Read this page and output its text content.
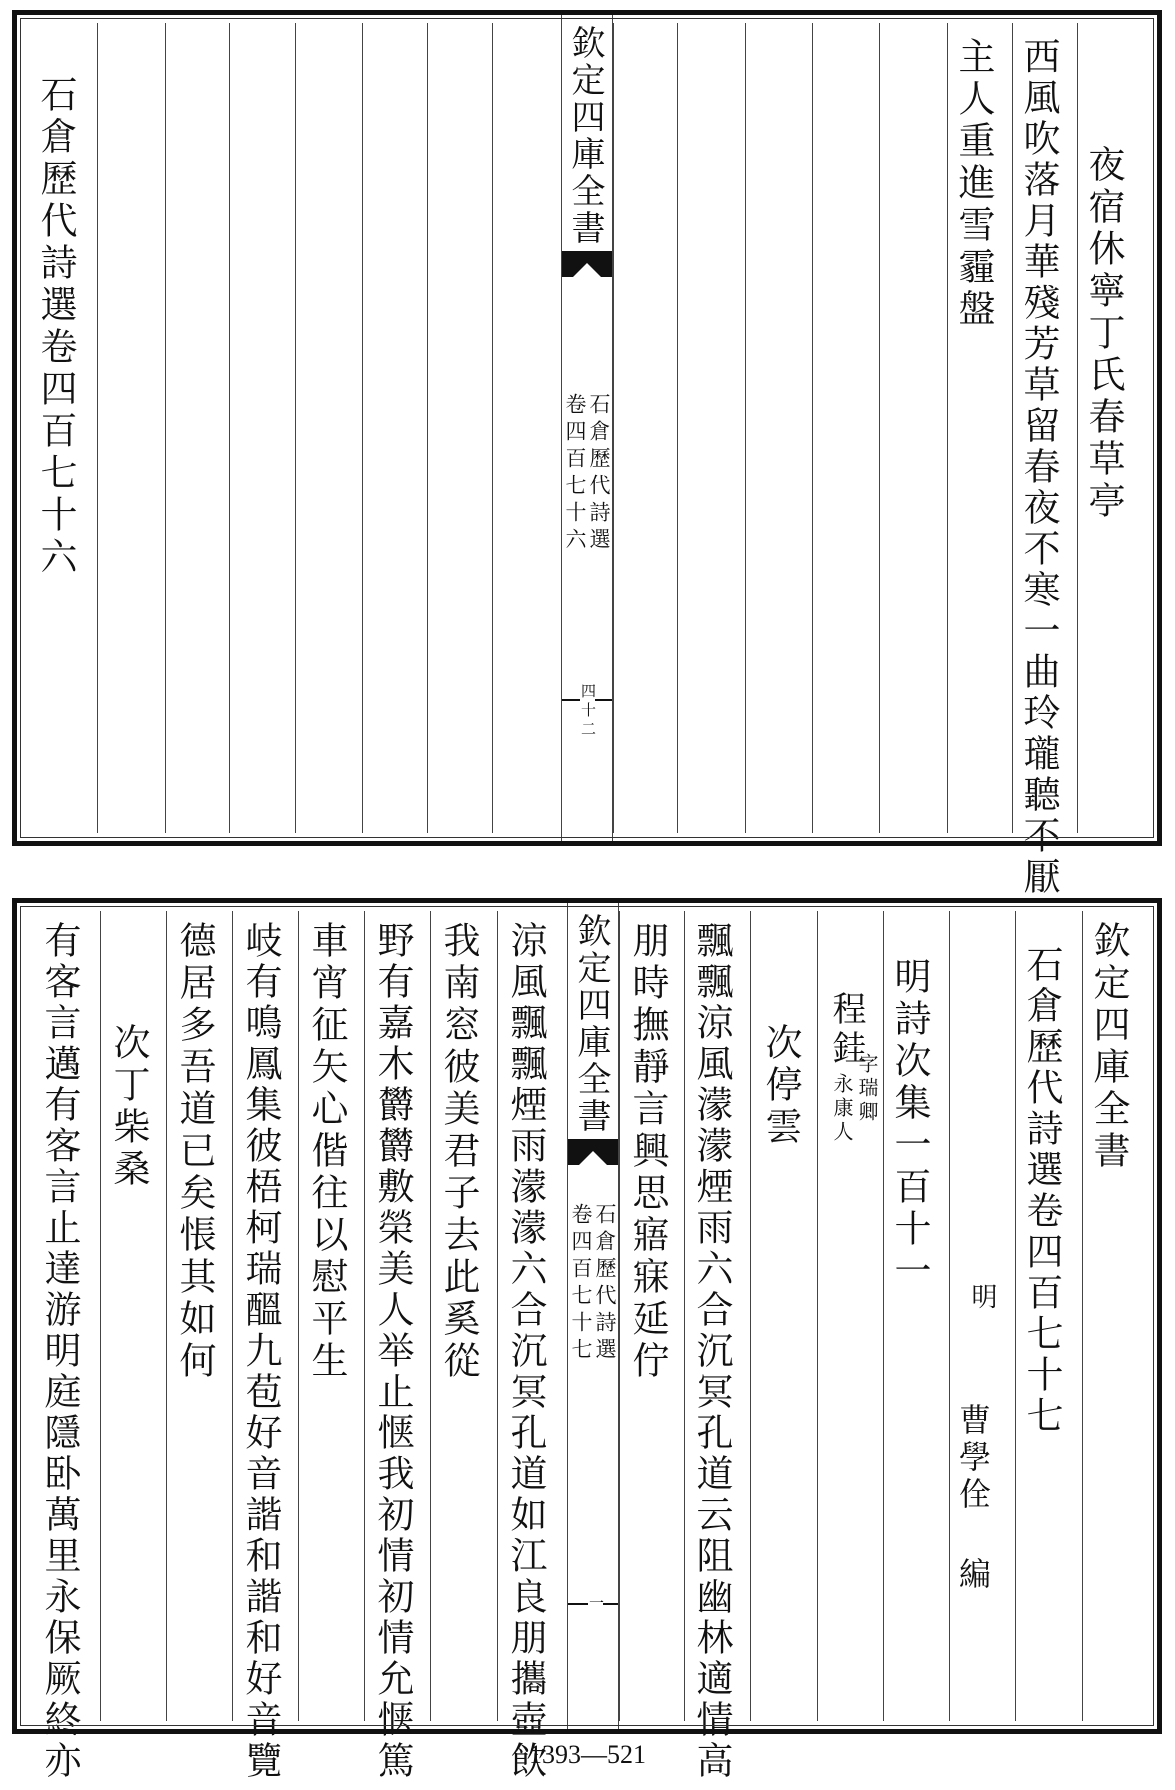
夜宿休寧丁氏春草亭
西風吹落月華殘芳草留春夜不寒一曲玲瓏聽不厭
主人重進雪霾盤
石倉歷代詩選卷四百七十六	欽定四庫全書
石倉歷代詩選
卷四百七十六
四十二
欽定四庫全書
石倉歷代詩選卷四百七十七
明
曹學佺 編
明詩次集一百十一
程銈
字瑞卿
永康人
次停雲
飄飄涼風濛濛煙雨六合沉冥孔道云阻幽林適情高
朋時撫靜言興思寤寐延佇
涼風飄飄煙雨濛濛六合沉冥孔道如江良朋攜壺飲
我南窓彼美君子去此奚從
野有嘉木欝欝敷榮美人举止惬我初情初情允惬篤
車宵征矢心偕往以慰平生
岐有鳴鳳集彼梧柯瑞醞九苞好音諧和諧和好音覽
德居多吾道已矣悵其如何
次丁柴桑
有客言邁有客言止達游明庭隱卧萬里永保厥終亦	欽定四庫全書
石倉歷代詩選
卷四百七十七
一
1393—521
